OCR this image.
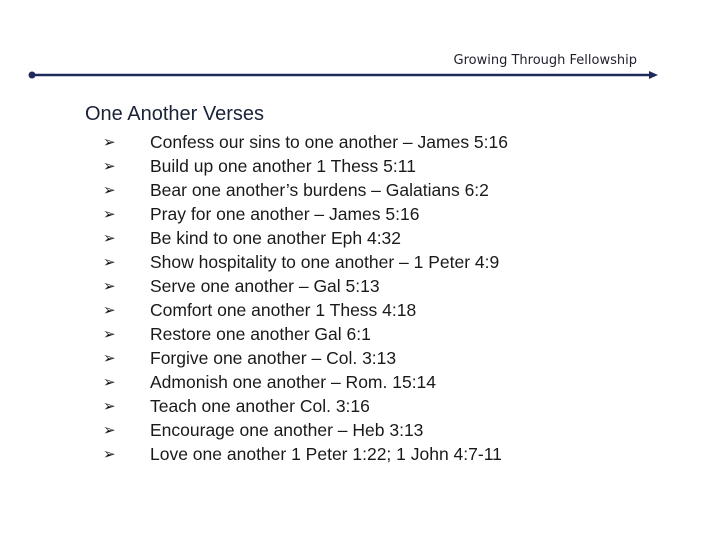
Growing Through Fellowship
One Another Verses
➢	Confess our sins to one another – James 5:16
➢	Build up one another 1 Thess 5:11
➢	Bear one another’s burdens – Galatians 6:2
➢	Pray for one another – James 5:16
➢	Be kind to one another Eph 4:32
➢	Show hospitality to one another – 1 Peter 4:9
➢	Serve one another – Gal 5:13
➢	Comfort one another 1 Thess 4:18
➢	Restore one another Gal 6:1
➢	Forgive one another – Col. 3:13
➢	Admonish one another – Rom. 15:14
➢	Teach one another Col. 3:16
➢	Encourage one another – Heb 3:13
➢	Love one another 1 Peter 1:22; 1 John 4:7-11
